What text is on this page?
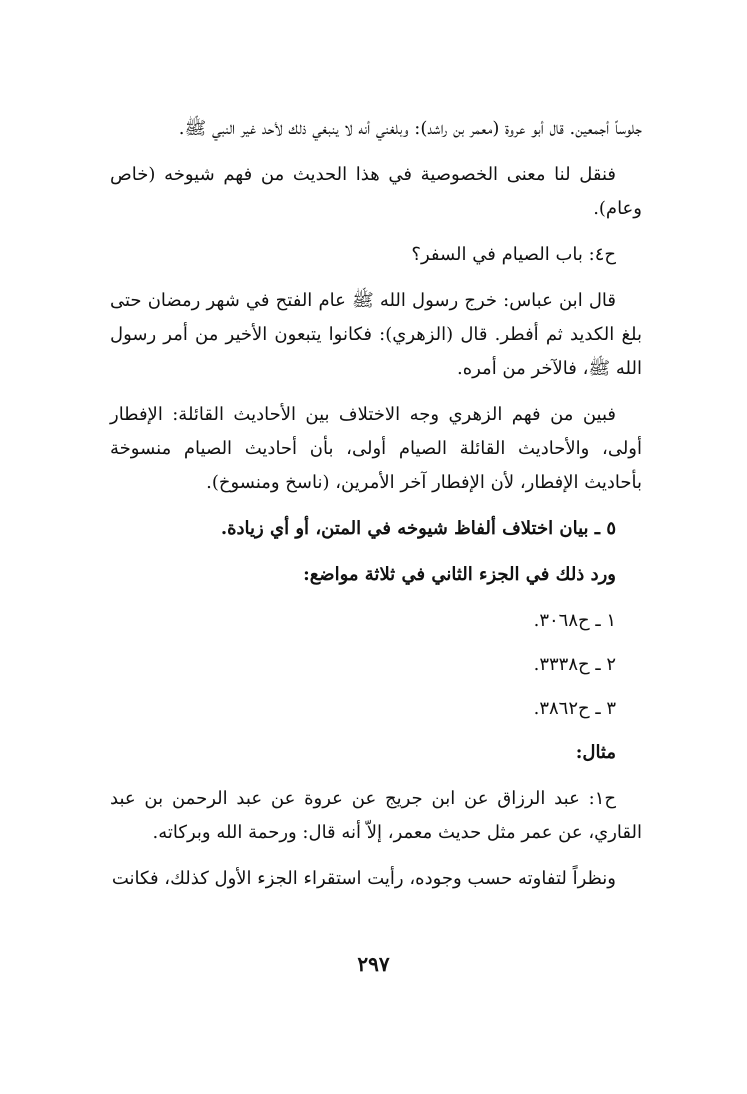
جلوساً أجمعين. قال أبو عروة (معمر بن راشد): وبلغني أنه لا ينبغي ذلك لأحد غير النبي ﷺ.

فنقل لنا معنى الخصوصية في هذا الحديث من فهم شيوخه (خاص وعام).

ح٤: باب الصيام في السفر؟

قال ابن عباس: خرج رسول الله ﷺ عام الفتح في شهر رمضان حتى بلغ الكديد ثم أفطر. قال (الزهري): فكانوا يتبعون الأخير من أمر رسول الله ﷺ، فالآخر من أمره.

فبين من فهم الزهري وجه الاختلاف بين الأحاديث القائلة: الإفطار أولى، والأحاديث القائلة الصيام أولى، بأن أحاديث الصيام منسوخة بأحاديث الإفطار، لأن الإفطار آخر الأمرين، (ناسخ ومنسوخ).

٥ ـ بيان اختلاف ألفاظ شيوخه في المتن، أو أي زيادة.

ورد ذلك في الجزء الثاني في ثلاثة مواضع:

١ ـ ح٣٠٦٨.

٢ ـ ح٣٣٣٨.

٣ ـ ح٣٨٦٢.

مثال:

ح١: عبد الرزاق عن ابن جريج عن عروة عن عبد الرحمن بن عبد القاري، عن عمر مثل حديث معمر، إلاّ أنه قال: ورحمة الله وبركاته.

ونظراً لتفاوته حسب وجوده، رأيت استقراء الجزء الأول كذلك، فكانت

٢٩٧
